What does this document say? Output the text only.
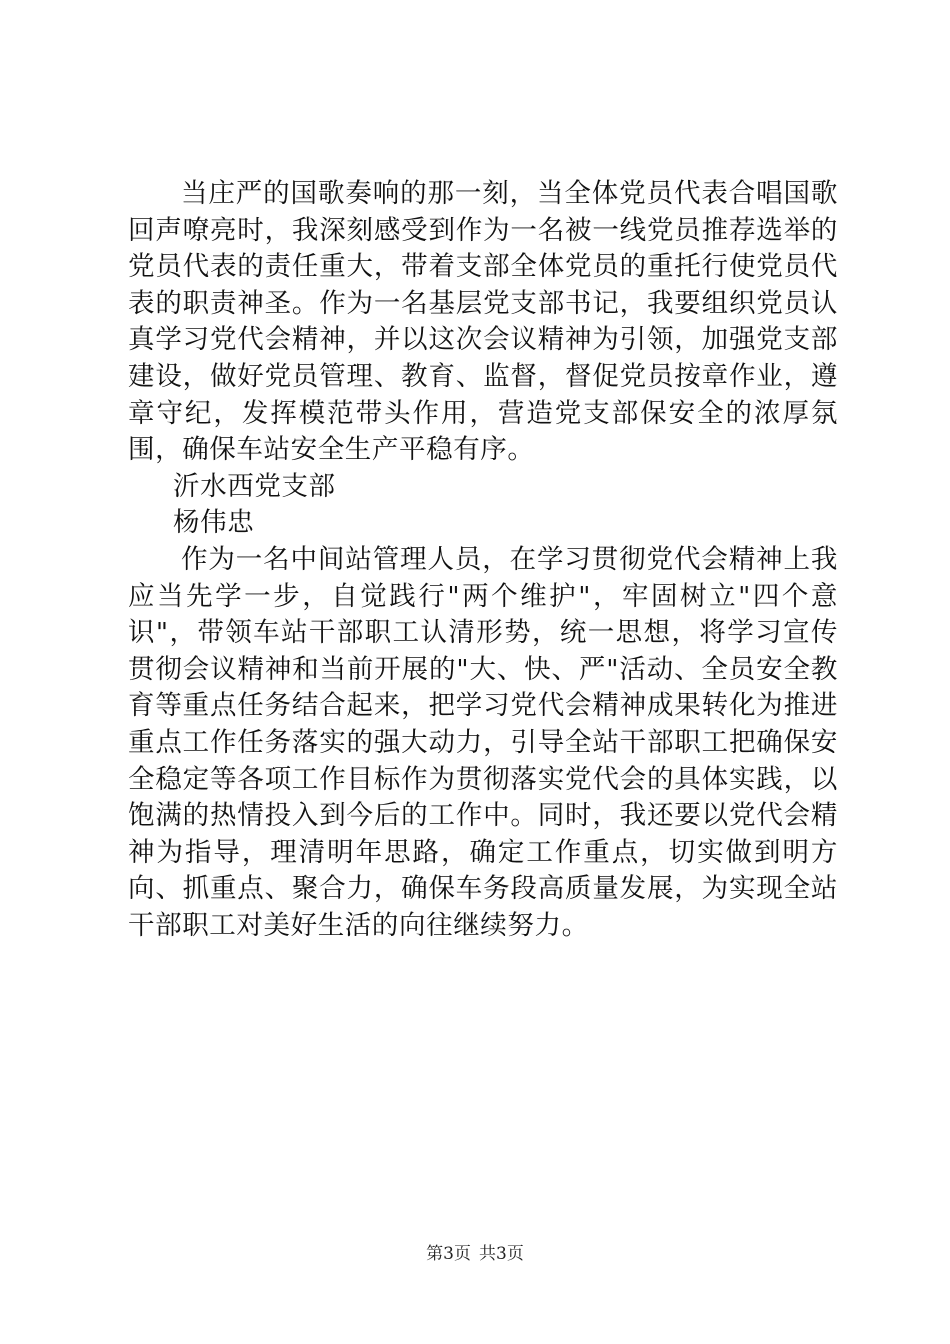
当庄严的国歌奏响的那一刻，当全体党员代表合唱国歌回声嘹亮时，我深刻感受到作为一名被一线党员推荐选举的党员代表的责任重大，带着支部全体党员的重托行使党员代表的职责神圣。作为一名基层党支部书记，我要组织党员认真学习党代会精神，并以这次会议精神为引领，加强党支部建设，做好党员管理、教育、监督，督促党员按章作业，遵章守纪，发挥模范带头作用，营造党支部保安全的浓厚氛围，确保车站安全生产平稳有序。

沂水西党支部

杨伟忠

作为一名中间站管理人员，在学习贯彻党代会精神上我应当先学一步，自觉践行"两个维护"，牢固树立"四个意识"，带领车站干部职工认清形势，统一思想，将学习宣传贯彻会议精神和当前开展的"大、快、严"活动、全员安全教育等重点任务结合起来，把学习党代会精神成果转化为推进重点工作任务落实的强大动力，引导全站干部职工把确保安全稳定等各项工作目标作为贯彻落实党代会的具体实践，以饱满的热情投入到今后的工作中。同时，我还要以党代会精神为指导，理清明年思路，确定工作重点，切实做到明方向、抓重点、聚合力，确保车务段高质量发展，为实现全站干部职工对美好生活的向往继续努力。

第3页 共3页
